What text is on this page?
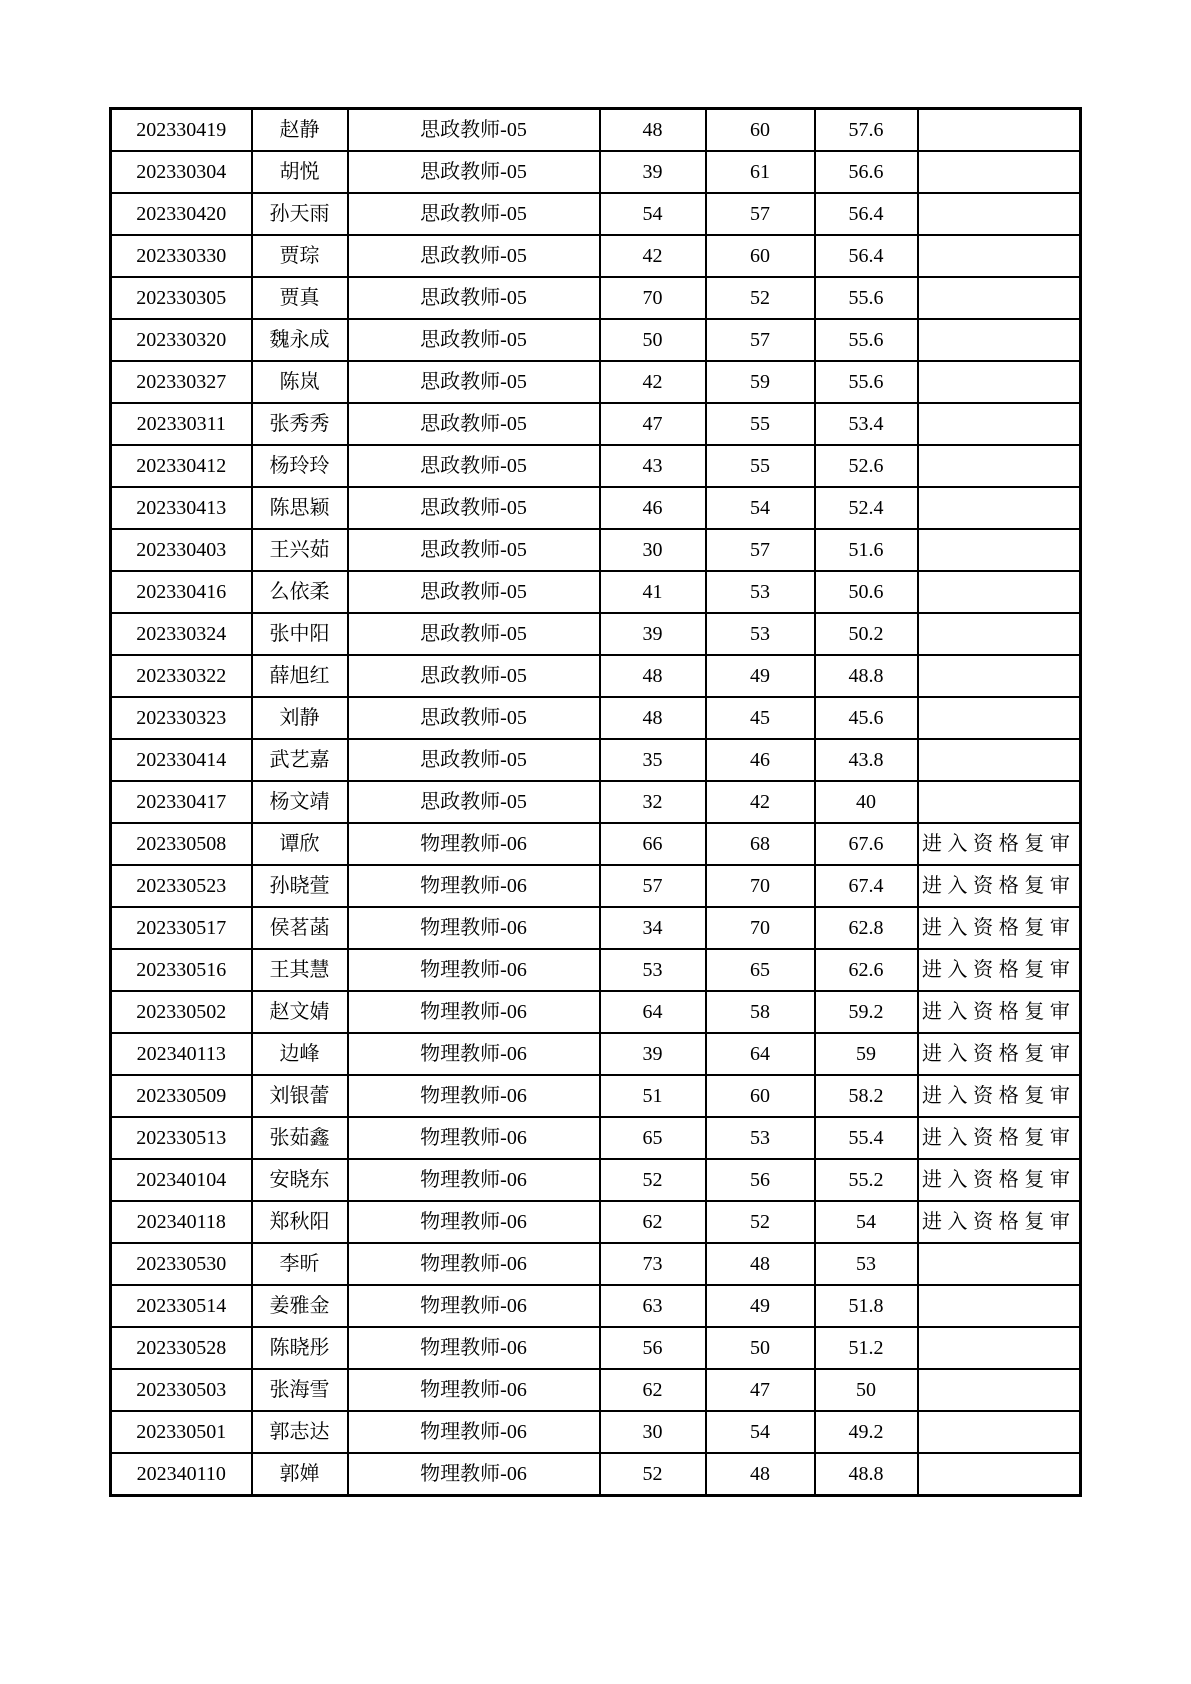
202330419	赵静	思政教师-05	48	60	57.6	
202330304	胡悦	思政教师-05	39	61	56.6	
202330420	孙天雨	思政教师-05	54	57	56.4	
202330330	贾琮	思政教师-05	42	60	56.4	
202330305	贾真	思政教师-05	70	52	55.6	
202330320	魏永成	思政教师-05	50	57	55.6	
202330327	陈岚	思政教师-05	42	59	55.6	
202330311	张秀秀	思政教师-05	47	55	53.4	
202330412	杨玲玲	思政教师-05	43	55	52.6	
202330413	陈思颖	思政教师-05	46	54	52.4	
202330403	王兴茹	思政教师-05	30	57	51.6	
202330416	么依柔	思政教师-05	41	53	50.6	
202330324	张中阳	思政教师-05	39	53	50.2	
202330322	薛旭红	思政教师-05	48	49	48.8	
202330323	刘静	思政教师-05	48	45	45.6	
202330414	武艺嘉	思政教师-05	35	46	43.8	
202330417	杨文靖	思政教师-05	32	42	40	
202330508	谭欣	物理教师-06	66	68	67.6	进入资格复审
202330523	孙晓萱	物理教师-06	57	70	67.4	进入资格复审
202330517	侯茗菡	物理教师-06	34	70	62.8	进入资格复审
202330516	王其慧	物理教师-06	53	65	62.6	进入资格复审
202330502	赵文婧	物理教师-06	64	58	59.2	进入资格复审
202340113	边峰	物理教师-06	39	64	59	进入资格复审
202330509	刘银蕾	物理教师-06	51	60	58.2	进入资格复审
202330513	张茹鑫	物理教师-06	65	53	55.4	进入资格复审
202340104	安晓东	物理教师-06	52	56	55.2	进入资格复审
202340118	郑秋阳	物理教师-06	62	52	54	进入资格复审
202330530	李昕	物理教师-06	73	48	53	
202330514	姜雅金	物理教师-06	63	49	51.8	
202330528	陈晓彤	物理教师-06	56	50	51.2	
202330503	张海雪	物理教师-06	62	47	50	
202330501	郭志达	物理教师-06	30	54	49.2	
202340110	郭婵	物理教师-06	52	48	48.8	
